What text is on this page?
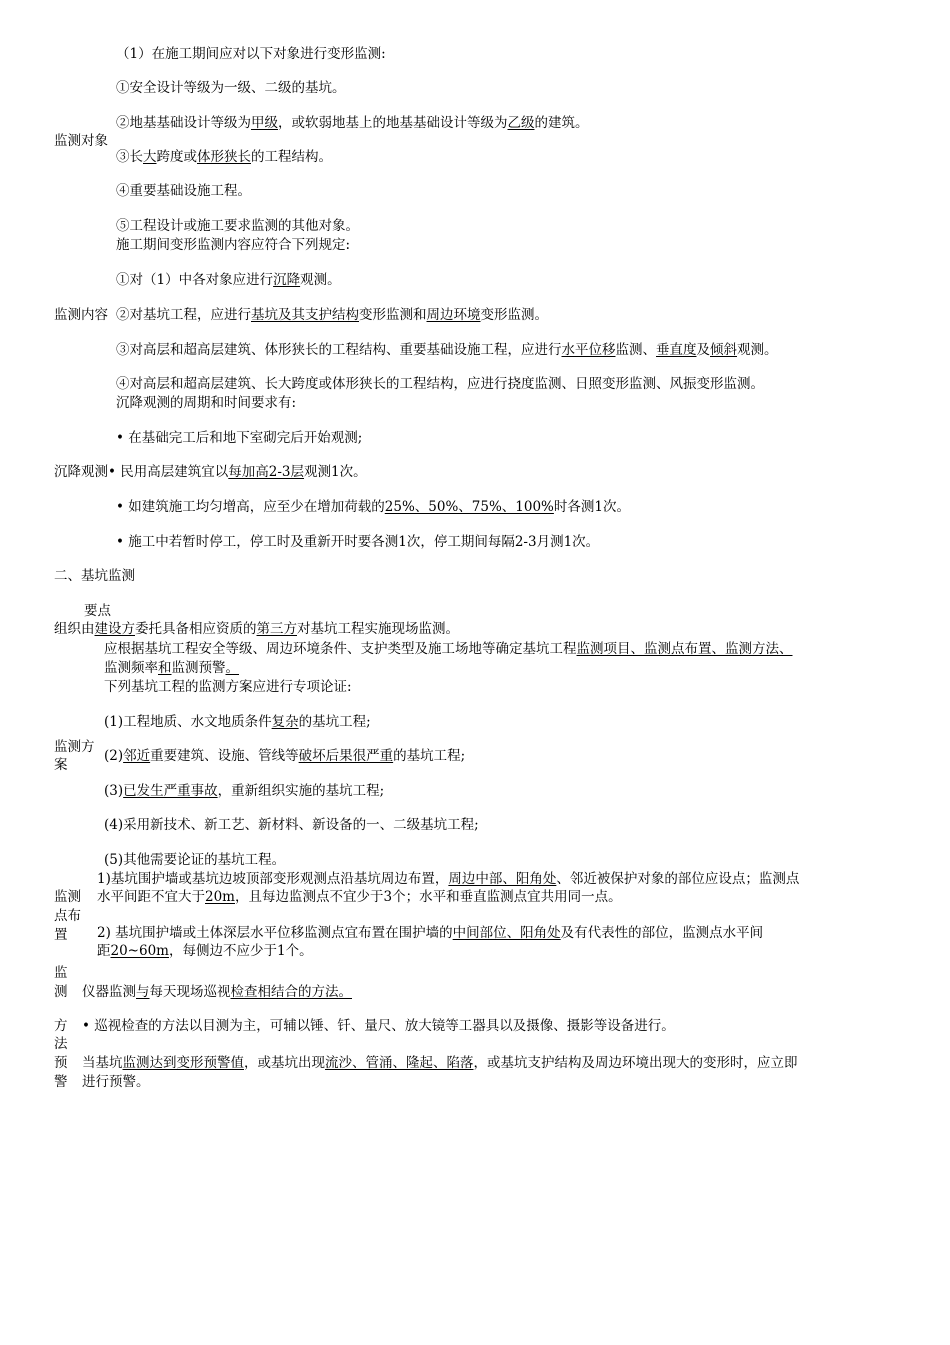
（1）在施工期间应对以下对象进行变形监测:
①安全设计等级为一级、二级的基坑。
②地基基础设计等级为甲级，或软弱地基上的地基基础设计等级为乙级的建筑。
监测对象
③长大跨度或体形狭长的工程结构。
④重要基础设施工程。
⑤工程设计或施工要求监测的其他对象。
施工期间变形监测内容应符合下列规定:
①对（1）中各对象应进行沉降观测。
监测内容 ②对基坑工程，应进行基坑及其支护结构变形监测和周边环境变形监测。
③对高层和超高层建筑、体形狭长的工程结构、重要基础设施工程，应进行水平位移监测、垂直度及倾斜观测。
④对高层和超高层建筑、长大跨度或体形狭长的工程结构，应进行挠度监测、日照变形监测、风振变形监测。
沉降观测的周期和时间要求有:
• 在基础完工后和地下室砌完后开始观测;
沉降观测 • 民用高层建筑宜以每加高2-3层观测1次。
• 如建筑施工均匀增高，应至少在增加荷载的25%、50%、75%、100%时各测1次。
• 施工中若暂时停工，停工时及重新开时要各测1次，停工期间每隔2-3月测1次。
二、基坑监测
要点
组织由建设方委托具备相应资质的第三方对基坑工程实施现场监测。
应根据基坑工程安全等级、周边环境条件、支护类型及施工场地等确定基坑工程监测项目、监测点布置、监测方法、
监测频率和监测预警。
下列基坑工程的监测方案应进行专项论证:
(1)工程地质、水文地质条件复杂的基坑工程;
监测方
(2)邻近重要建筑、设施、管线等破坏后果很严重的基坑工程;
案
(3)已发生严重事故，重新组织实施的基坑工程;
(4)采用新技术、新工艺、新材料、新设备的一、二级基坑工程;
(5)其他需要论证的基坑工程。
1)基坑围护墙或基坑边坡顶部变形观测点沿基坑周边布置，周边中部、阳角处、邻近被保护对象的部位应设点；监测点
监测 水平间距不宜大于20m，且每边监测点不宜少于3个；水平和垂直监测点宜共用同一点。
点布
2) 基坑围护墙或土体深层水平位移监测点宜布置在围护墙的中间部位、阳角处及有代表性的部位，监测点水平间
置
距20~60m，每侧边不应少于1个。
监
测 仪器监测与每天现场巡视检查相结合的方法。
方 • 巡视检查的方法以目测为主，可辅以锤、钎、量尺、放大镜等工器具以及摄像、摄影等设备进行。
法
预 当基坑监测达到变形预警值，或基坑出现流沙、管涌、隆起、陷落，或基坑支护结构及周边环境出现大的变形时，应立即
警 进行预警。
